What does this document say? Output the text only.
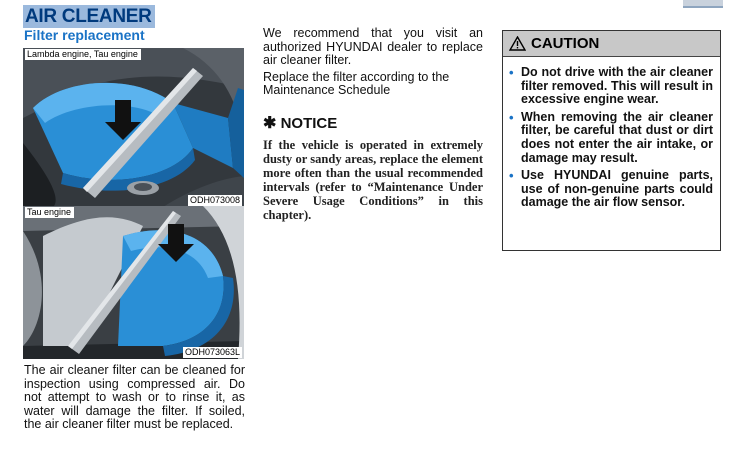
AIR CLEANER
Filter replacement
Lambda engine, Tau engine
ODH073008
Tau engine
ODH073063L

The air cleaner filter can be cleaned for inspection using compressed air. Do not attempt to wash or to rinse it, as water will damage the filter. If soiled, the air cleaner filter must be replaced.

We recommend that you visit an authorized HYUNDAI dealer to replace air cleaner filter.

Replace the filter according to the Maintenance Schedule

✱ NOTICE

If the vehicle is operated in extremely dusty or sandy areas, replace the element more often than the usual recommended intervals (refer to “Maintenance Under Severe Usage Conditions” in this chapter).

CAUTION
• Do not drive with the air cleaner filter removed. This will result in excessive engine wear.
• When removing the air cleaner filter, be careful that dust or dirt does not enter the air intake, or damage may result.
• Use HYUNDAI genuine parts, use of non-genuine parts could damage the air flow sensor.
